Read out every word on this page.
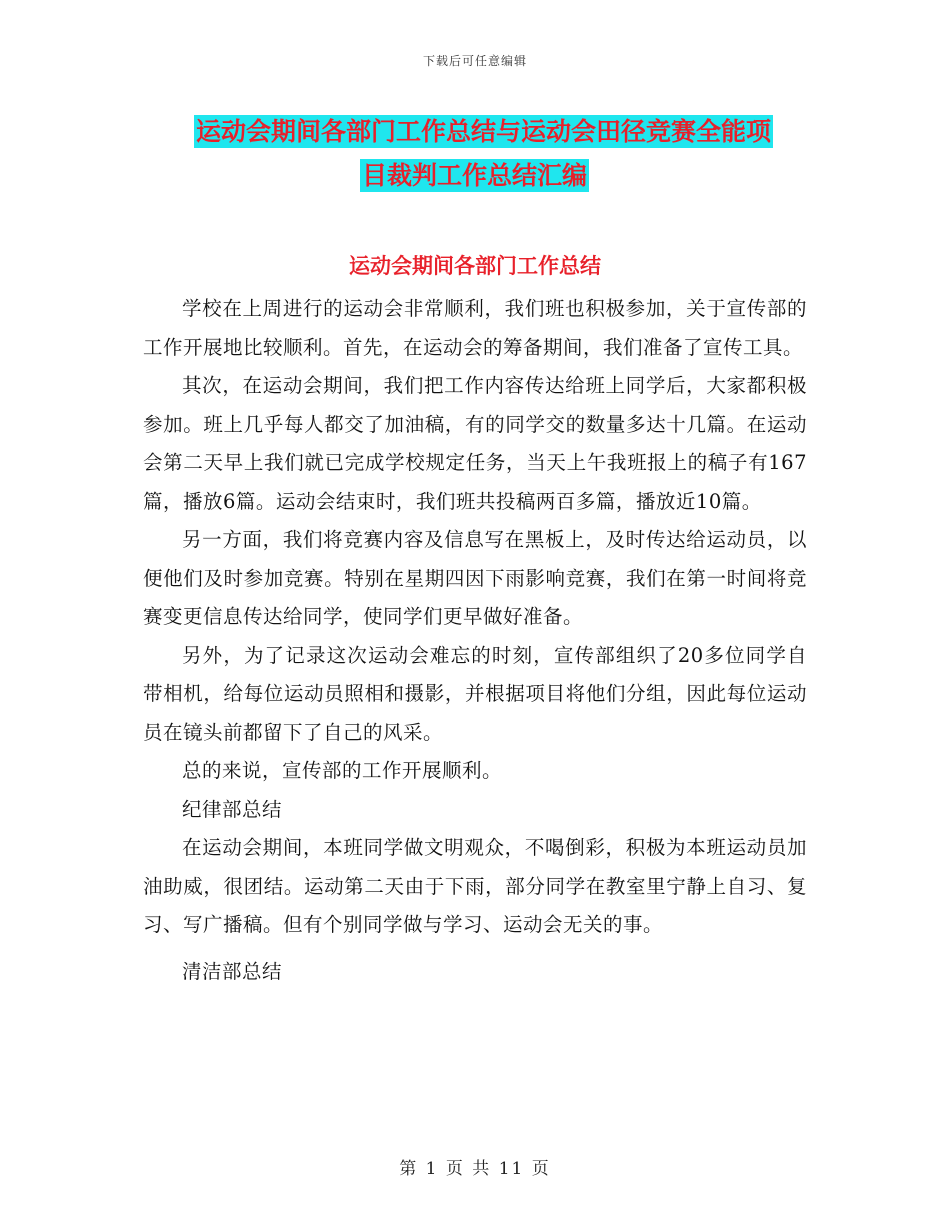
下载后可任意编辑
运动会期间各部门工作总结与运动会田径竞赛全能项
目裁判工作总结汇编
运动会期间各部门工作总结

学校在上周进行的运动会非常顺利，我们班也积极参加，关于宣传部的工作开展地比较顺利。首先，在运动会的筹备期间，我们准备了宣传工具。

其次，在运动会期间，我们把工作内容传达给班上同学后，大家都积极参加。班上几乎每人都交了加油稿，有的同学交的数量多达十几篇。在运动会第二天早上我们就已完成学校规定任务，当天上午我班报上的稿子有167篇，播放6篇。运动会结束时，我们班共投稿两百多篇，播放近10篇。

另一方面，我们将竞赛内容及信息写在黑板上，及时传达给运动员，以便他们及时参加竞赛。特别在星期四因下雨影响竞赛，我们在第一时间将竞赛变更信息传达给同学，使同学们更早做好准备。

另外，为了记录这次运动会难忘的时刻，宣传部组织了20多位同学自带相机，给每位运动员照相和摄影，并根据项目将他们分组，因此每位运动员在镜头前都留下了自己的风采。

总的来说，宣传部的工作开展顺利。

纪律部总结

在运动会期间，本班同学做文明观众，不喝倒彩，积极为本班运动员加油助威，很团结。运动第二天由于下雨，部分同学在教室里宁静上自习、复习、写广播稿。但有个别同学做与学习、运动会无关的事。

清洁部总结

第 1 页 共 11 页
